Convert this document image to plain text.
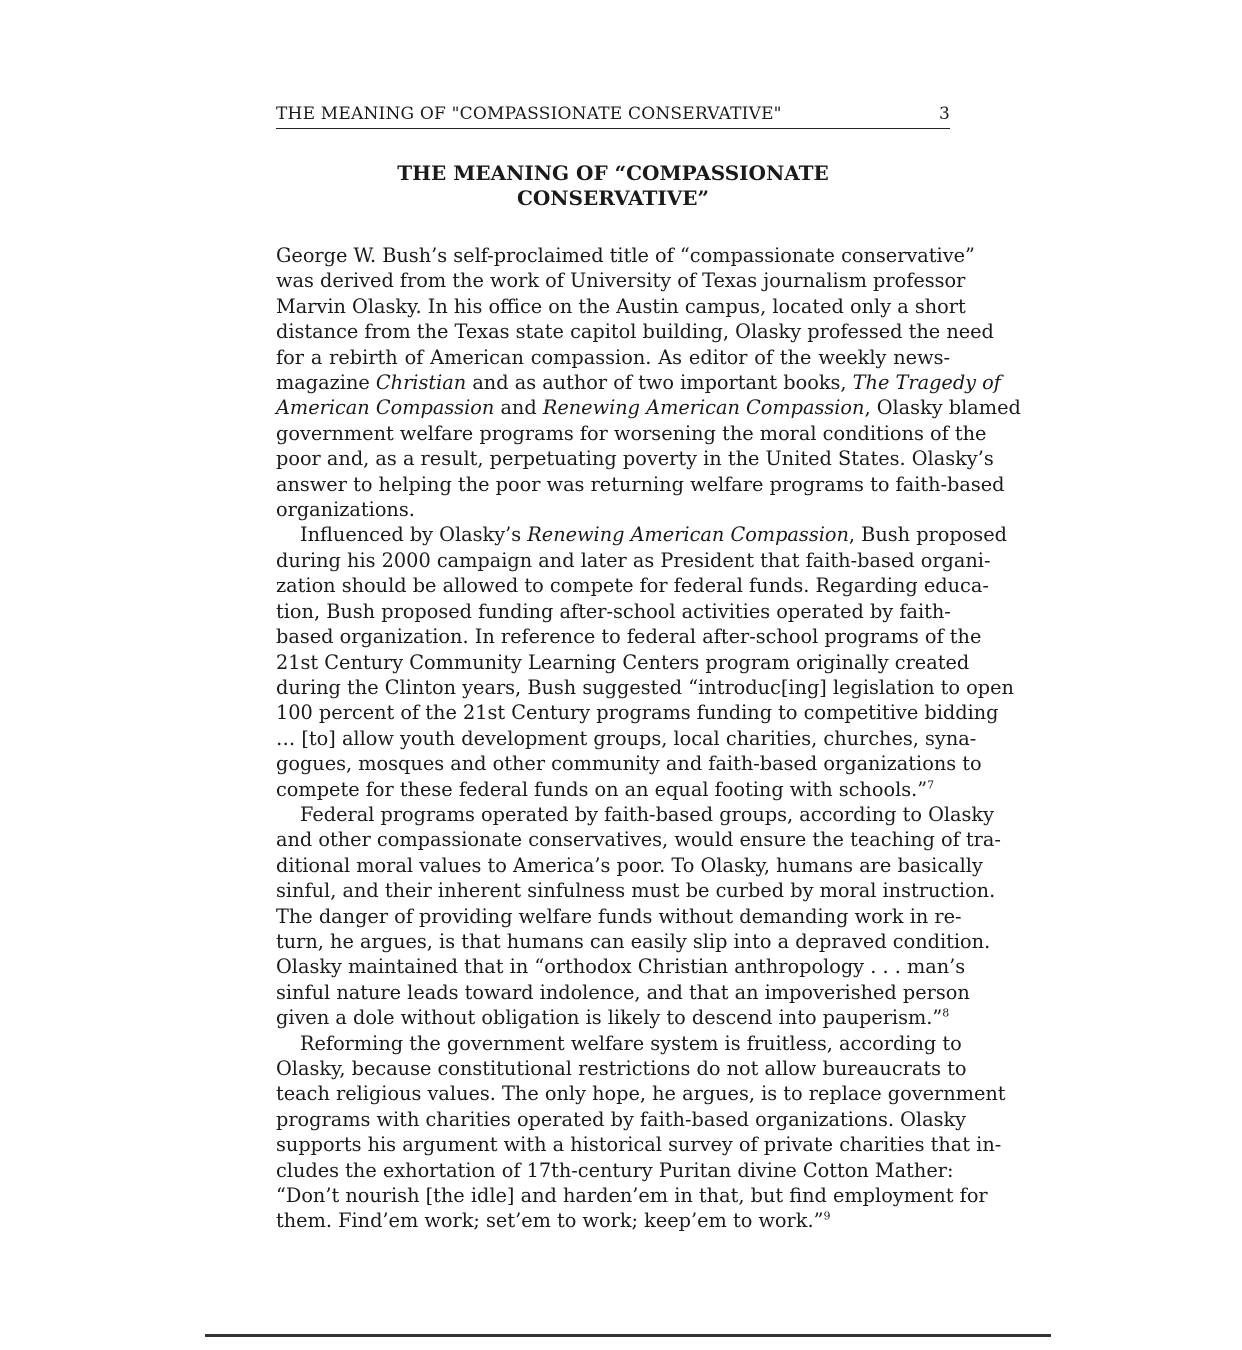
THE MEANING OF "COMPASSIONATE CONSERVATIVE"	3
THE MEANING OF “COMPASSIONATE
CONSERVATIVE”
George W. Bush’s self-proclaimed title of “compassionate conservative”
was derived from the work of University of Texas journalism professor
Marvin Olasky. In his office on the Austin campus, located only a short
distance from the Texas state capitol building, Olasky professed the need
for a rebirth of American compassion. As editor of the weekly news-
magazine Christian and as author of two important books, The Tragedy of
American Compassion and Renewing American Compassion, Olasky blamed
government welfare programs for worsening the moral conditions of the
poor and, as a result, perpetuating poverty in the United States. Olasky’s
answer to helping the poor was returning welfare programs to faith-based
organizations.
Influenced by Olasky’s Renewing American Compassion, Bush proposed
during his 2000 campaign and later as President that faith-based organi-
zation should be allowed to compete for federal funds. Regarding educa-
tion, Bush proposed funding after-school activities operated by faith-
based organization. In reference to federal after-school programs of the
21st Century Community Learning Centers program originally created
during the Clinton years, Bush suggested “introduc[ing] legislation to open
100 percent of the 21st Century programs funding to competitive bidding
… [to] allow youth development groups, local charities, churches, syna-
gogues, mosques and other community and faith-based organizations to
compete for these federal funds on an equal footing with schools.”$^7$
Federal programs operated by faith-based groups, according to Olasky
and other compassionate conservatives, would ensure the teaching of tra-
ditional moral values to America’s poor. To Olasky, humans are basically
sinful, and their inherent sinfulness must be curbed by moral instruction.
The danger of providing welfare funds without demanding work in re-
turn, he argues, is that humans can easily slip into a depraved condition.
Olasky maintained that in “orthodox Christian anthropology . . . man’s
sinful nature leads toward indolence, and that an impoverished person
given a dole without obligation is likely to descend into pauperism.”$^8$
Reforming the government welfare system is fruitless, according to
Olasky, because constitutional restrictions do not allow bureaucrats to
teach religious values. The only hope, he argues, is to replace government
programs with charities operated by faith-based organizations. Olasky
supports his argument with a historical survey of private charities that in-
cludes the exhortation of 17th-century Puritan divine Cotton Mather:
“Don’t nourish [the idle] and harden’em in that, but find employment for
them. Find’em work; set’em to work; keep’em to work.”$^9$
